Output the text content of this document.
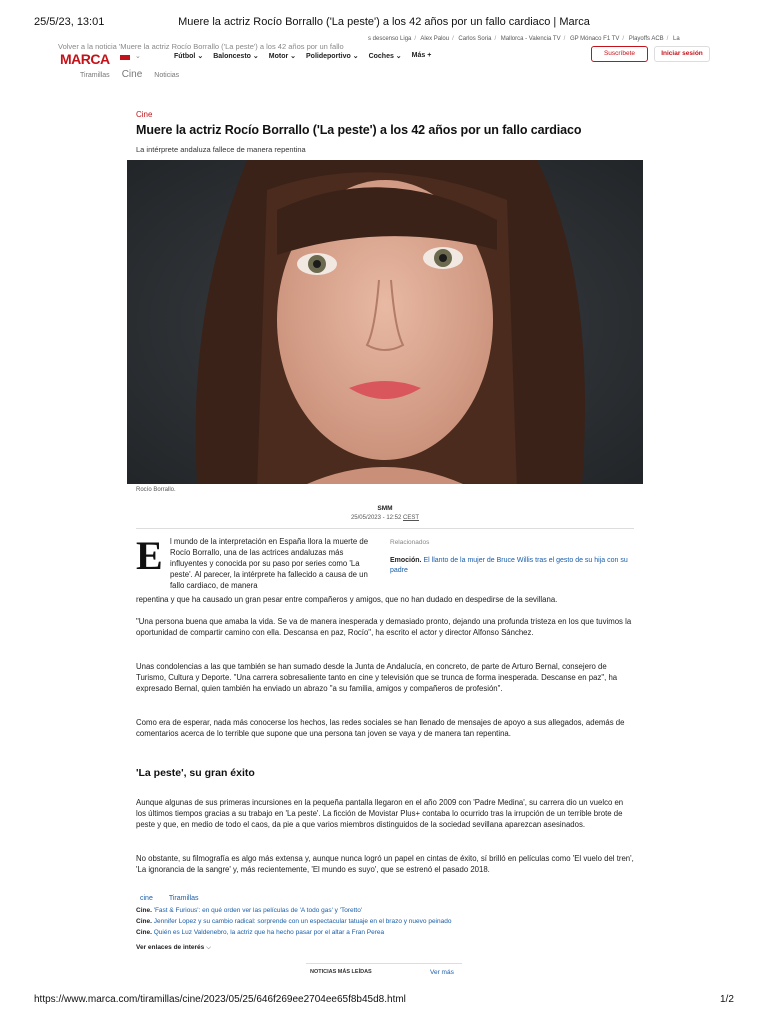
25/5/23, 13:01	Muere la actriz Rocío Borrallo ('La peste') a los 42 años por un fallo cardiaco | Marca
s descenso Liga / Alex Palou / Carlos Soria / Mallorca - Valencia TV / GP Mónaco F1 TV / Playoffs ACB / La
Volver a la noticia 'Muere la actriz Rocío Borrallo ('La peste') a los 42 años por un fallo
MARCA	⌄	Fútbol ⌄ Baloncesto ⌄ Motor ⌄ Polideportivo ⌄ Coches ⌄ Más +	Suscríbete	Iniciar sesión
Tiramillas Cine Noticias
Cine
Muere la actriz Rocío Borrallo ('La peste') a los 42 años por un fallo cardiaco
La intérprete andaluza fallece de manera repentina
Rocío Borrallo.
SMM
25/05/2023 - 12:52 CEST
E l mundo de la interpretación en España llora la muerte de Rocío Borrallo, una de las actrices andaluzas más influyentes y conocida por su paso por series como 'La peste'. Al parecer, la intérprete ha fallecido a causa de un fallo cardiaco, de manera

repentina y que ha causado un gran pesar entre compañeros y amigos, que no han dudado en despedirse de la sevillana.

Relacionados
Emoción. El llanto de la mujer de Bruce Willis tras el gesto de su hija con su padre

"Una persona buena que amaba la vida. Se va de manera inesperada y demasiado pronto, dejando una profunda tristeza en los que tuvimos la oportunidad de compartir camino con ella. Descansa en paz, Rocío", ha escrito el actor y director Alfonso Sánchez.

Unas condolencias a las que también se han sumado desde la Junta de Andalucía, en concreto, de parte de Arturo Bernal, consejero de Turismo, Cultura y Deporte. "Una carrera sobresaliente tanto en cine y televisión que se trunca de forma inesperada. Descanse en paz", ha expresado Bernal, quien también ha enviado un abrazo "a su familia, amigos y compañeros de profesión".

Como era de esperar, nada más conocerse los hechos, las redes sociales se han llenado de mensajes de apoyo a sus allegados, además de comentarios acerca de lo terrible que supone que una persona tan joven se vaya y de manera tan repentina.

'La peste', su gran éxito

Aunque algunas de sus primeras incursiones en la pequeña pantalla llegaron en el año 2009 con 'Padre Medina', su carrera dio un vuelco en los últimos tiempos gracias a su trabajo en 'La peste'. La ficción de Movistar Plus+ contaba lo ocurrido tras la irrupción de un terrible brote de peste y que, en medio de todo el caos, da pie a que varios miembros distinguidos de la sociedad sevillana aparezcan asesinados.

No obstante, su filmografía es algo más extensa y, aunque nunca logró un papel en cintas de éxito, sí brilló en películas como 'El vuelo del tren', 'La ignorancia de la sangre' y, más recientemente, 'El mundo es suyo', que se estrenó el pasado 2018.

cine Tiramillas
Cine. 'Fast & Furious': en qué orden ver las películas de 'A todo gas' y 'Toretto'
Cine. Jennifer Lopez y su cambio radical: sorprende con un espectacular tatuaje en el brazo y nuevo peinado
Cine. Quién es Luz Valdenebro, la actriz que ha hecho pasar por el altar a Fran Perea
Ver enlaces de interés ⌵
NOTICIAS MÁS LEÍDAS	Ver más
https://www.marca.com/tiramillas/cine/2023/05/25/646f269ee2704ee65f8b45d8.html	1/2
